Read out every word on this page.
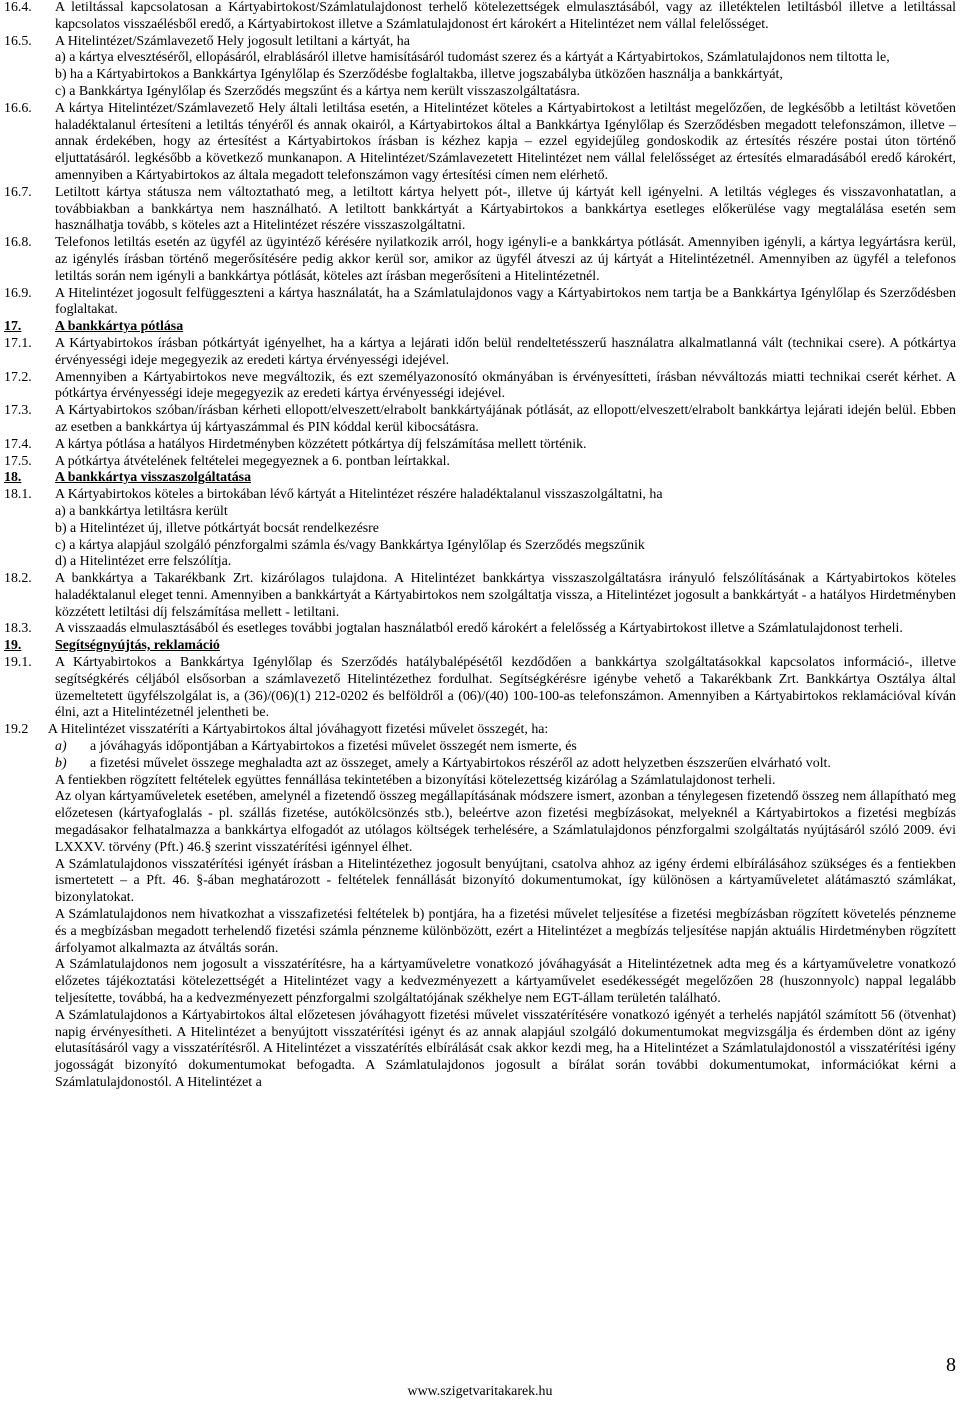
16.4. A letiltással kapcsolatosan a Kártyabirtokost/Számlatulajdonost terhelő kötelezettségek elmulasztásából, vagy az illetéktelen letiltásból illetve a letiltással kapcsolatos visszaélésből eredő, a Kártyabirtokost illetve a Számlatulajdonost ért károkért a Hitelintézet nem vállal felelősséget.
16.5. A Hitelintézet/Számlavezető Hely jogosult letiltani a kártyát, ha
a) a kártya elvesztéséről, ellopásáról, elrablásáról illetve hamisításáról tudomást szerez és a kártyát a Kártyabirtokos, Számlatulajdonos nem tiltotta le,
b) ha a Kártyabirtokos a Bankkártya Igénylőlap és Szerződésbe foglaltakba, illetve jogszabályba ütközően használja a bankkártyát,
c) a Bankkártya Igénylőlap és Szerződés megszűnt és a kártya nem került visszaszolgáltatásra.
16.6. A kártya Hitelintézet/Számlavezető Hely általi letiltása esetén, a Hitelintézet köteles a Kártyabirtokost a letiltást megelőzően, de legkésőbb a letiltást követően haladéktalanul értesíteni a letiltás tényéről és annak okairól, a Kártyabirtokos által a Bankkártya Igénylőlap és Szerződésben megadott telefonszámon, illetve – annak érdekében, hogy az értesítést a Kártyabirtokos írásban is kézhez kapja – ezzel egyidejűleg gondoskodik az értesítés részére postai úton történő eljuttatásáról. legkésőbb a következő munkanapon. A Hitelintézet/Számlavezetett Hitelintézet nem vállal felelősséget az értesítés elmaradásából eredő károkért, amennyiben a Kártyabirtokos az általa megadott telefonszámon vagy értesítési címen nem elérhető.
16.7. Letiltott kártya státusza nem változtatható meg, a letiltott kártya helyett pót-, illetve új kártyát kell igényelni. A letiltás végleges és visszavonhatatlan, a továbbiakban a bankkártya nem használható. A letiltott bankkártyát a Kártyabirtokos a bankkártya esetleges előkerülése vagy megtalálása esetén sem használhatja tovább, s köteles azt a Hitelintézet részére visszaszolgáltatni.
16.8. Telefonos letiltás esetén az ügyfél az ügyintéző kérésére nyilatkozik arról, hogy igényli-e a bankkártya pótlását. Amennyiben igényli, a kártya legyártásra kerül, az igénylés írásban történő megerősítésére pedig akkor kerül sor, amikor az ügyfél átveszi az új kártyát a Hitelintézetnél. Amennyiben az ügyfél a telefonos letiltás során nem igényli a bankkártya pótlását, köteles azt írásban megerősíteni a Hitelintézetnél.
16.9. A Hitelintézet jogosult felfüggeszteni a kártya használatát, ha a Számlatulajdonos vagy a Kártyabirtokos nem tartja be a Bankkártya Igénylőlap és Szerződésben foglaltakat.
17. A bankkártya pótlása
17.1. A Kártyabirtokos írásban pótkártyát igényelhet, ha a kártya a lejárati időn belül rendeltetésszerű használatra alkalmatlanná vált (technikai csere). A pótkártya érvényességi ideje megegyezik az eredeti kártya érvényességi idejével.
17.2. Amennyiben a Kártyabirtokos neve megváltozik, és ezt személyazonosító okmányában is érvényesítteti, írásban névváltozás miatti technikai cserét kérhet. A pótkártya érvényességi ideje megegyezik az eredeti kártya érvényességi idejével.
17.3. A Kártyabirtokos szóban/írásban kérheti ellopott/elveszett/elrabolt bankkártyájának pótlását, az ellopott/elveszett/elrabolt bankkártya lejárati idején belül. Ebben az esetben a bankkártya új kártyaszámmal és PIN kóddal kerül kibocsátásra.
17.4. A kártya pótlása a hatályos Hirdetményben közzétett pótkártya díj felszámítása mellett történik.
17.5. A pótkártya átvételének feltételei megegyeznek a 6. pontban leírtakkal.
18. A bankkártya visszaszolgáltatása
18.1. A Kártyabirtokos köteles a birtokában lévő kártyát a Hitelintézet részére haladéktalanul visszaszolgáltatni, ha
a) a bankkártya letiltásra került
b) a Hitelintézet új, illetve pótkártyát bocsát rendelkezésre
c) a kártya alapjául szolgáló pénzforgalmi számla és/vagy Bankkártya Igénylőlap és Szerződés megszűnik
d) a Hitelintézet erre felszólítja.
18.2. A bankkártya a Takarékbank Zrt. kizárólagos tulajdona. A Hitelintézet bankkártya visszaszolgáltatásra irányuló felszólításának a Kártyabirtokos köteles haladéktalanul eleget tenni. Amennyiben a bankkártyát a Kártyabirtokos nem szolgáltatja vissza, a Hitelintézet jogosult a bankkártyát - a hatályos Hirdetményben közzétett letiltási díj felszámítása mellett - letiltani.
18.3. A visszaadás elmulasztásából és esetleges további jogtalan használatból eredő károkért a felelősség a Kártyabirtokost illetve a Számlatulajdonost terheli.
19. Segítségnyújtás, reklamáció
19.1. A Kártyabirtokos a Bankkártya Igénylőlap és Szerződés hatálybalépésétől kezdődően a bankkártya szolgáltatásokkal kapcsolatos információ-, illetve segítségkérés céljából elsősorban a számlavezető Hitelintézethez fordulhat. Segítségkérésre igénybe vehető a Takarékbank Zrt. Bankkártya Osztálya által üzemeltetett ügyfélszolgálat is, a (36)/(06)(1) 212-0202 és belföldről a (06)/(40) 100-100-as telefonszámon. Amennyiben a Kártyabirtokos reklamációval kíván élni, azt a Hitelintézetnél jelentheti be.
19.2 A Hitelintézet visszatéríti a Kártyabirtokos által jóváhagyott fizetési művelet összegét, ha:
a) a jóváhagyás időpontjában a Kártyabirtokos a fizetési művelet összegét nem ismerte, és
b) a fizetési művelet összege meghaladta azt az összeget, amely a Kártyabirtokos részéről az adott helyzetben észszerűen elvárható volt.
A fentiekben rögzített feltételek együttes fennállása tekintetében a bizonyítási kötelezettség kizárólag a Számlatulajdonost terheli.
Az olyan kártyaműveletek esetében, amelynél a fizetendő összeg megállapításának módszere ismert, azonban a ténylegesen fizetendő összeg nem állapítható meg előzetesen (kártyafoglalás - pl. szállás fizetése, autókölcsönzés stb.), beleértve azon fizetési megbízásokat, melyeknél a Kártyabirtokos a fizetési megbízás megadásakor felhatalmazza a bankkártya elfogadót az utólagos költségek terhelésére, a Számlatulajdonos pénzforgalmi szolgáltatás nyújtásáról szóló 2009. évi LXXXV. törvény (Pft.) 46.§ szerint visszatérítési igénnyel élhet.
A Számlatulajdonos visszatérítési igényét írásban a Hitelintézethez jogosult benyújtani, csatolva ahhoz az igény érdemi elbírálásához szükséges és a fentiekben ismertetett – a Pft. 46. §-ában meghatározott - feltételek fennállását bizonyító dokumentumokat, így különösen a kártyaműveletet alátámasztó számlákat, bizonylatokat.
A Számlatulajdonos nem hivatkozhat a visszafizetési feltételek b) pontjára, ha a fizetési művelet teljesítése a fizetési megbízásban rögzített követelés pénzneme és a megbízásban megadott terhelendő fizetési számla pénzneme különbözött, ezért a Hitelintézet a megbízás teljesítése napján aktuális Hirdetményben rögzített árfolyamot alkalmazta az átváltás során.
A Számlatulajdonos nem jogosult a visszatérítésre, ha a kártyaműveletre vonatkozó jóváhagyását a Hitelintézetnek adta meg és a kártyaműveletre vonatkozó előzetes tájékoztatási kötelezettségét a Hitelintézet vagy a kedvezményezett a kártyaművelet esedékességét megelőzően 28 (huszonnyolc) nappal legalább teljesítette, továbbá, ha a kedvezményezett pénzforgalmi szolgáltatójának székhelye nem EGT-állam területén található.
A Számlatulajdonos a Kártyabirtokos által előzetesen jóváhagyott fizetési művelet visszatérítésére vonatkozó igényét a terhelés napjától számított 56 (ötvenhat) napig érvényesítheti. A Hitelintézet a benyújtott visszatérítési igényt és az annak alapjául szolgáló dokumentumokat megvizsgálja és érdemben dönt az igény elutasításáról vagy a visszatérítésről. A Hitelintézet a visszatérítés elbírálását csak akkor kezdi meg, ha a Hitelintézet a Számlatulajdonostól a visszatérítési igény jogosságát bizonyító dokumentumokat befogadta. A Számlatulajdonos jogosult a bírálat során további dokumentumokat, információkat kérni a Számlatulajdonostól. A Hitelintézet a
8
www.szigetvaritakarek.hu
